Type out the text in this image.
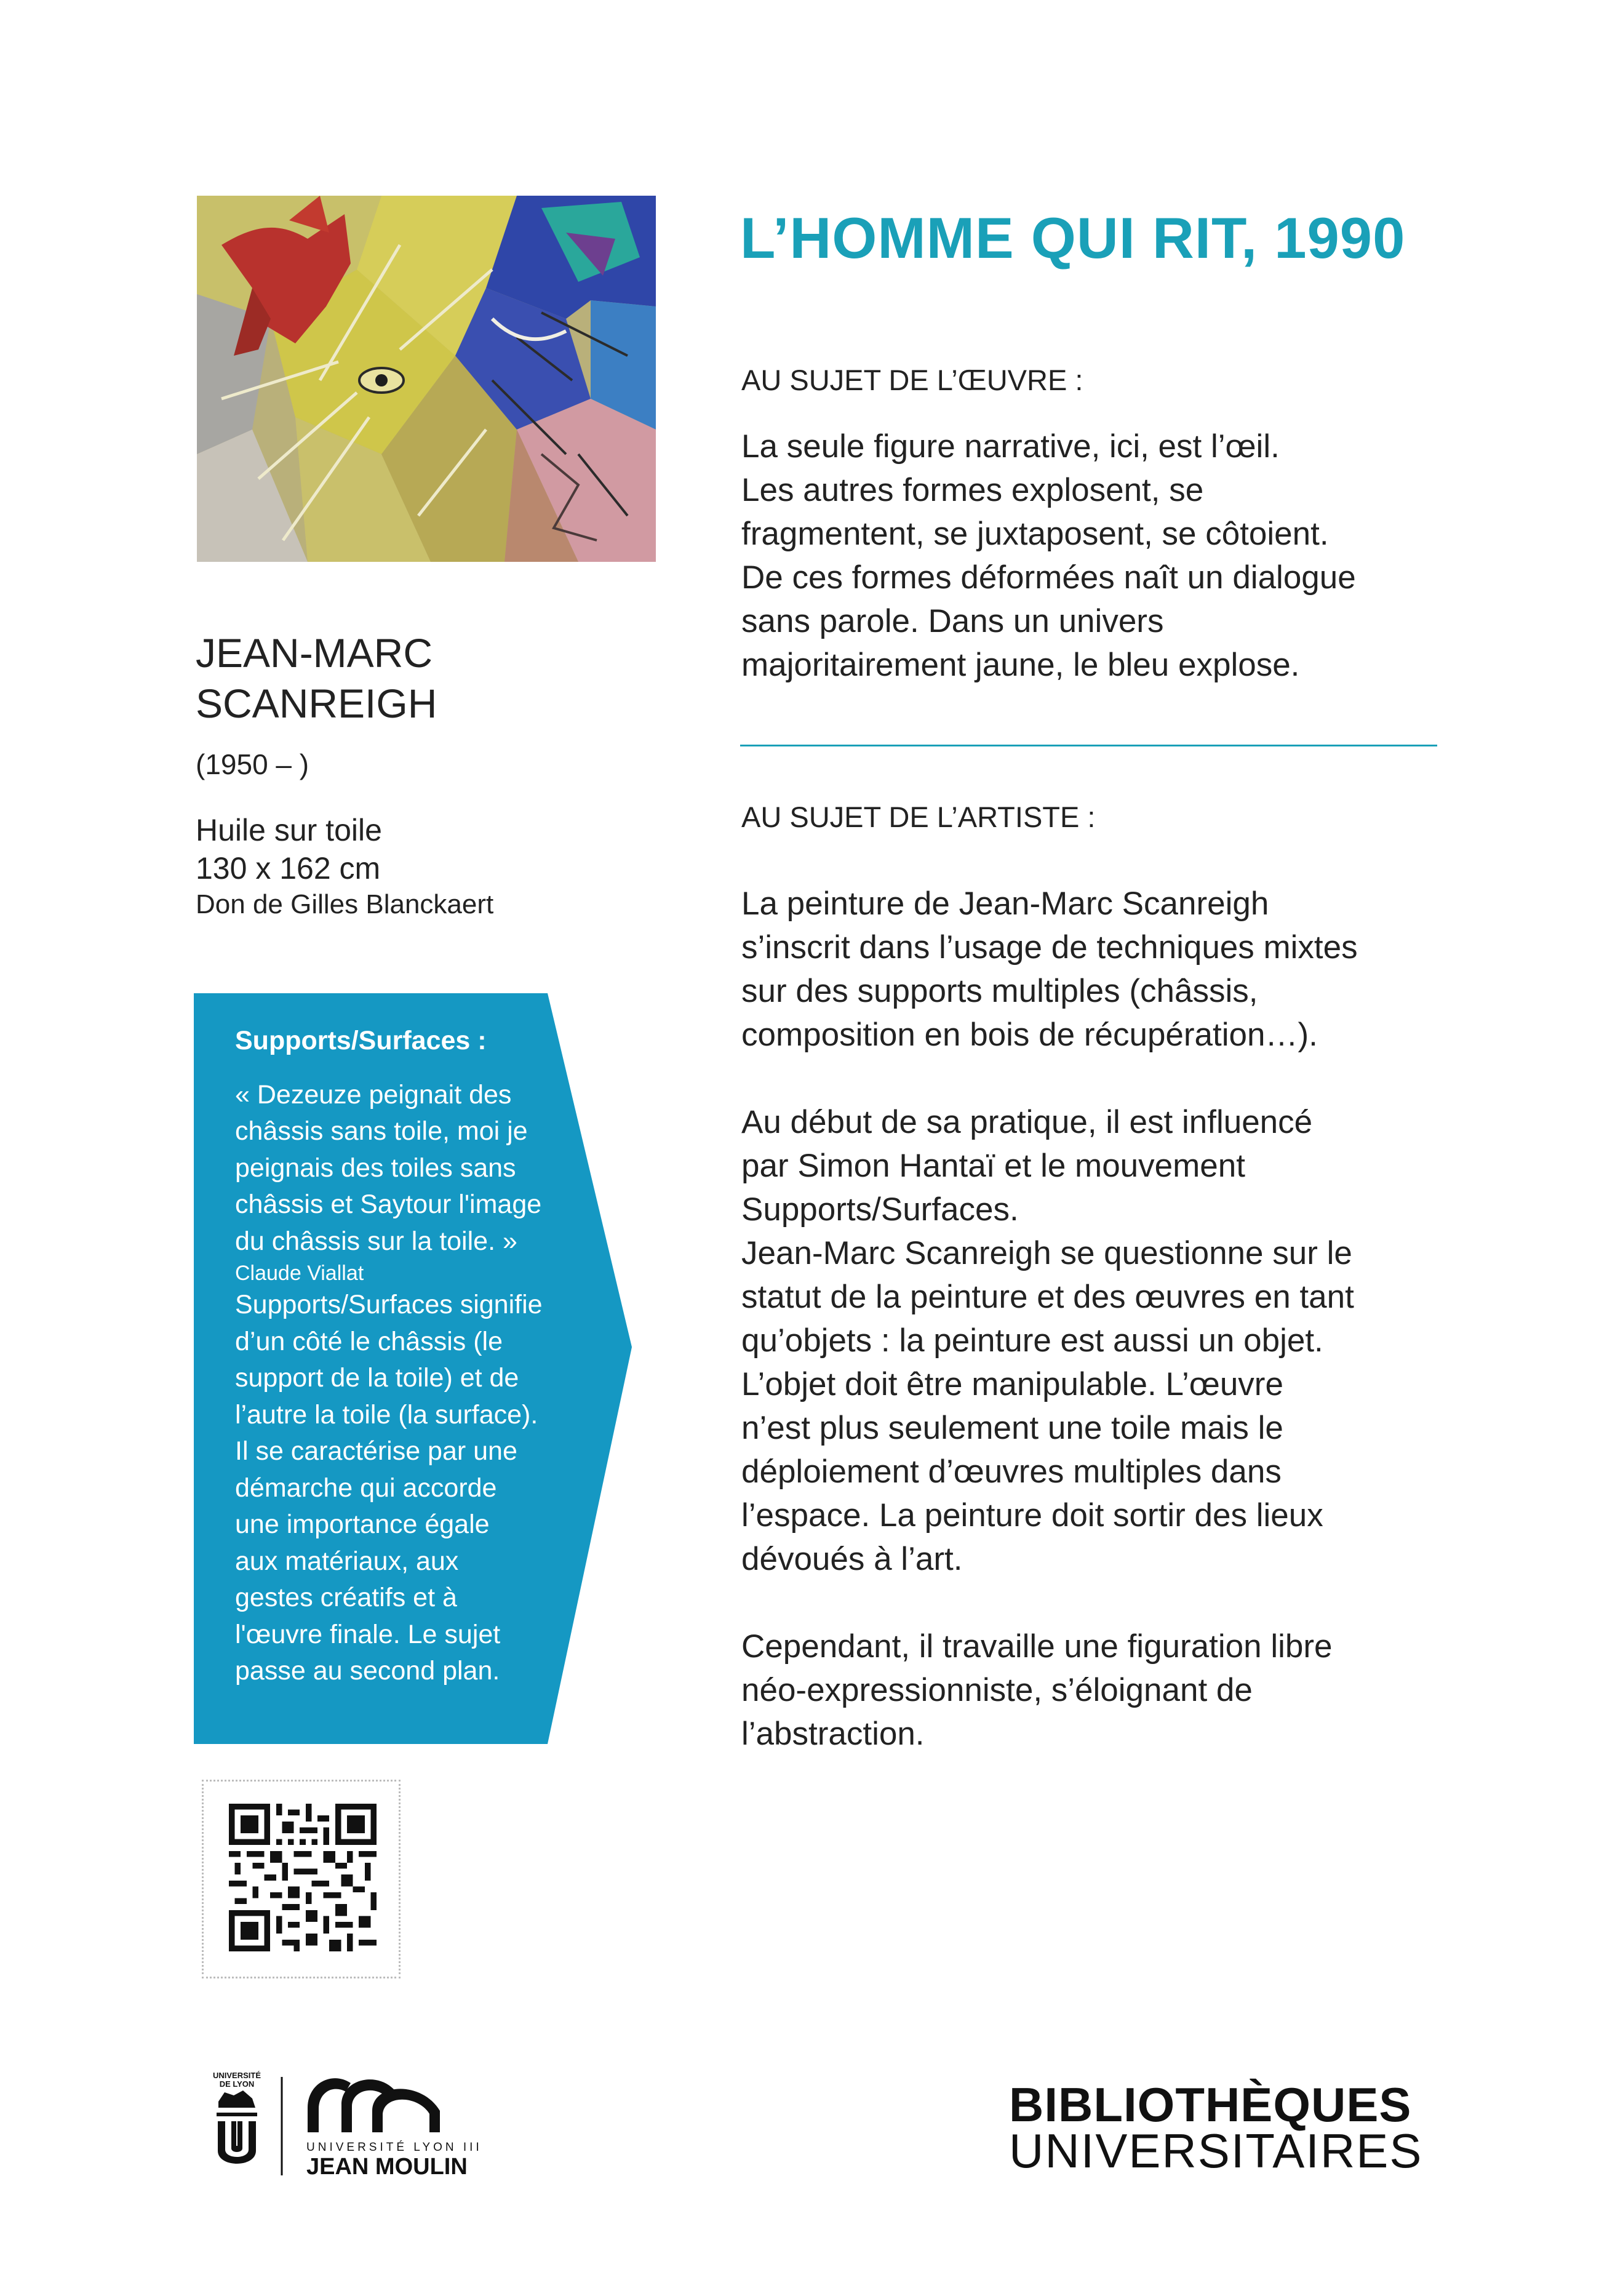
JEAN-MARC
SCANREIGH
(1950 – )
Huile sur toile
130 x 162 cm
Don de Gilles Blanckaert
Supports/Surfaces :
« Dezeuze peignait des
châssis sans toile, moi je
peignais des toiles sans
châssis et Saytour l'image
du châssis sur la toile. »
Claude Viallat
Supports/Surfaces signifie
d’un côté le châssis (le
support de la toile) et de
l’autre la toile (la surface).
Il se caractérise par une
démarche qui accorde
une importance égale
aux matériaux, aux
gestes créatifs et à
l'œuvre finale. Le sujet
passe au second plan.
L’HOMME QUI RIT, 1990
AU SUJET DE L’ŒUVRE :
La seule figure narrative, ici, est l’œil.
Les autres formes explosent, se
fragmentent, se juxtaposent, se côtoient.
De ces formes déformées naît un dialogue
sans parole. Dans un univers
majoritairement jaune, le bleu explose.
AU SUJET DE L’ARTISTE :

La peinture de Jean-Marc Scanreigh
s’inscrit dans l’usage de techniques mixtes
sur des supports multiples (châssis,
composition en bois de récupération…).

Au début de sa pratique, il est influencé
par Simon Hantaï et le mouvement
Supports/Surfaces.
Jean-Marc Scanreigh se questionne sur le
statut de la peinture et des œuvres en tant
qu’objets : la peinture est aussi un objet.
L’objet doit être manipulable. L’œuvre
n’est plus seulement une toile mais le
déploiement d’œuvres multiples dans
l’espace. La peinture doit sortir des lieux
dévoués à l’art.

Cependant, il travaille une figuration libre
néo-expressionniste, s’éloignant de
l’abstraction.

UNIVERSITÉ
DE LYON
UNIVERSITÉ LYON III
JEAN MOULIN
BIBLIOTHÈQUES
UNIVERSITAIRES
